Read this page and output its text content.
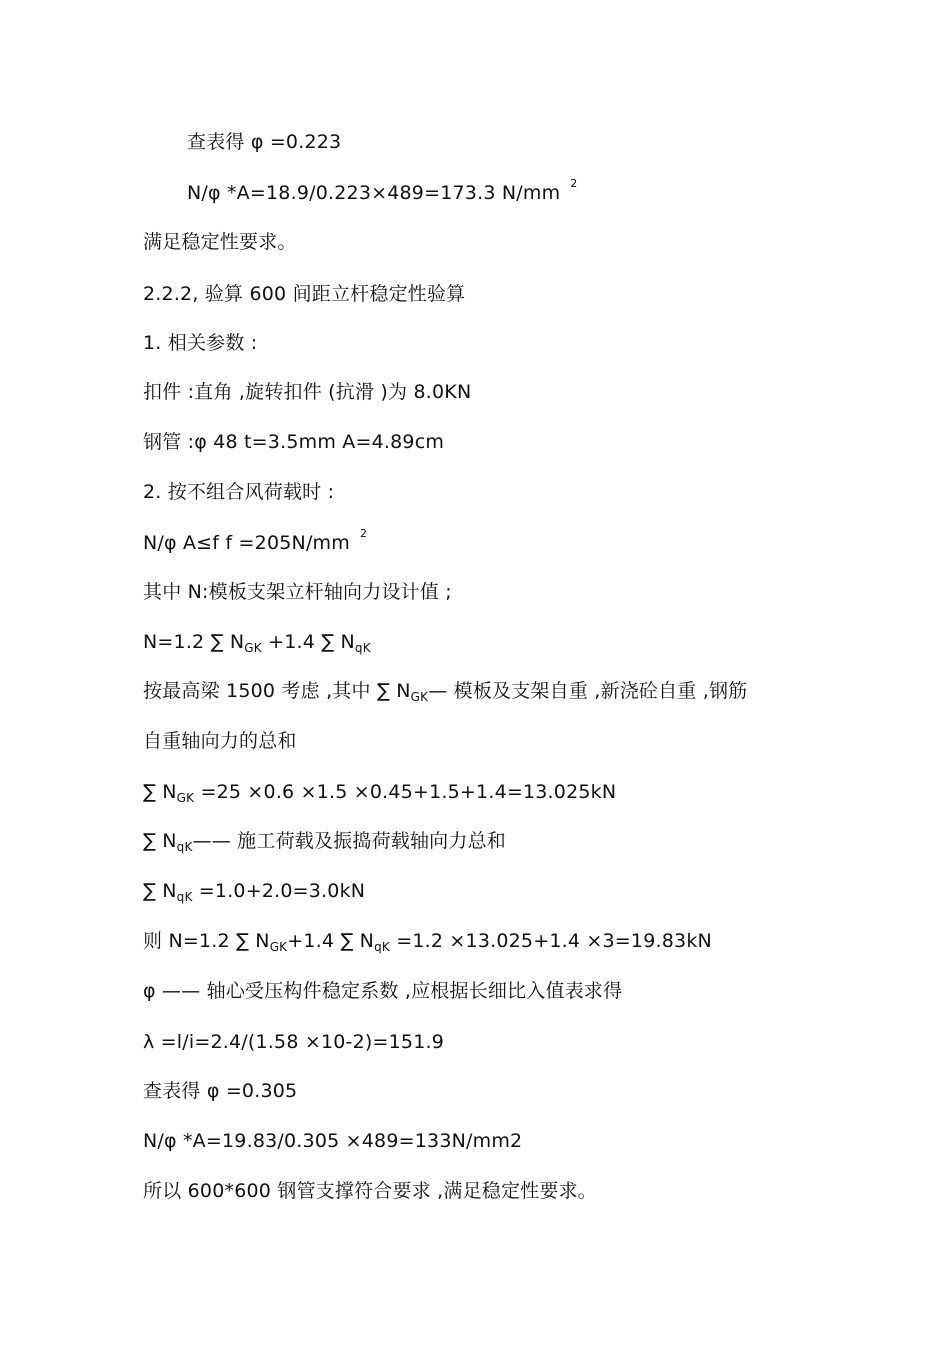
查表得 φ =0.223
N/φ *A=18.9/0.223×489=173.3 N/mm $^2$
满足稳定性要求。
2.2.2, 验算 600 间距立杆稳定性验算
1. 相关参数 :
扣件 :直角 ,旋转扣件 (抗滑 )为 8.0KN
钢管 :φ 48 t=3.5mm A=4.89cm
2. 按不组合风荷载时 :
N/φ A≤f f =205N/mm $^2$
其中 N:模板支架立杆轴向力设计值 ;
N=1.2 ∑ $N_{GK} +1.4$ ∑ $N_{qK}$
按最高梁 1500 考虑 ,其中 ∑ $N_{GK}—$ 模板及支架自重 ,新浇砼自重 ,钢筋
自重轴向力的总和
∑ $N_{GK} =25 \times 0.6 \times 1.5 \times 0.45+1.5+1.4=13.025kN$
∑ $N_{qK}——$ 施工荷载及振捣荷载轴向力总和
∑ $N_{qK} =1.0+2.0=3.0kN$
则 N=1.2 ∑ $N_{GK}+1.4$ ∑ $N_{qK} =1.2 \times 13.025+1.4 \times 3=19.83kN$
φ —— 轴心受压构件稳定系数 ,应根据长细比入值表求得
λ =l/i=2.4/(1.58 ×10-2)=151.9
查表得 φ =0.305
N/φ *A=19.83/0.305 ×489=133N/mm2
所以 600*600 钢管支撑符合要求 ,满足稳定性要求。
